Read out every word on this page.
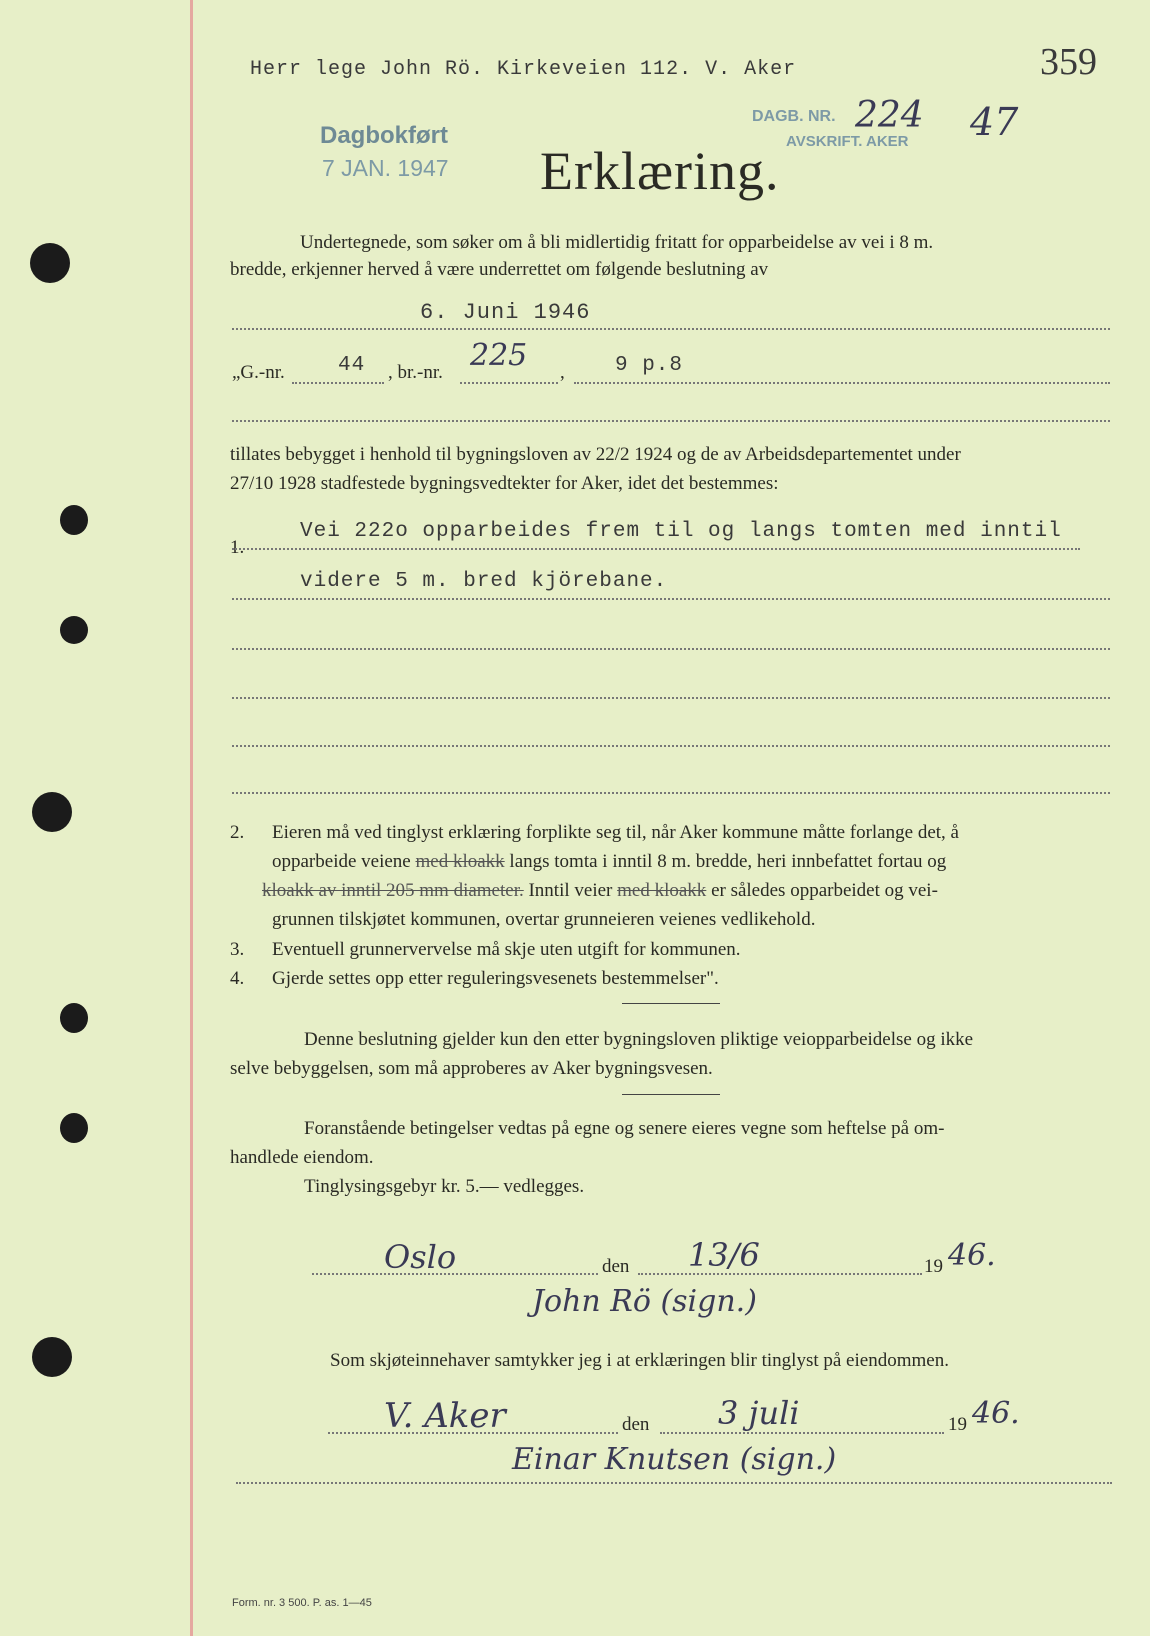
Herr lege John Rö. Kirkeveien 112. V. Aker	359
Dagbokført
7 JAN. 1947
DAGB. NR.
AVSKRIFT. AKER
224 47
Erklæring.
Undertegnede, som søker om å bli midlertidig fritatt for opparbeidelse av vei i 8 m.
bredde, erkjenner herved å være underrettet om følgende beslutning av
6. Juni 1946
„G.-nr.	44 , br.-nr. 225 , 9 p.8
tillates bebygget i henhold til bygningsloven av 22/2 1924 og de av Arbeidsdepartementet under
27/10 1928 stadfestede bygningsvedtekter for Aker, idet det bestemmes:
1.
Vei 222o opparbeides frem til og langs tomten med inntil
videre 5 m. bred kjörebane.
2. Eieren må ved tinglyst erklæring forplikte seg til, når Aker kommune måtte forlange det, å
opparbeide veiene med kloakk langs tomta i inntil 8 m. bredde, heri innbefattet fortau og
kloakk av inntil 205 mm diameter. Inntil veier med kloakk er således opparbeidet og vei-
grunnen tilskjøtet kommunen, overtar grunneieren veienes vedlikehold.
3. Eventuell grunnervervelse må skje uten utgift for kommunen.
4. Gjerde settes opp etter reguleringsvesenets bestemmelser".
Denne beslutning gjelder kun den etter bygningsloven pliktige veiopparbeidelse og ikke
selve bebyggelsen, som må approberes av Aker bygningsvesen.
Foranstående betingelser vedtas på egne og senere eieres vegne som heftelse på om-
handlede eiendom.
Tinglysingsgebyr kr. 5.— vedlegges.
Oslo	den 13/6	19 46.
John Rö (sign.)
Som skjøteinnehaver samtykker jeg i at erklæringen blir tinglyst på eiendommen.
V. Aker	den 3 juli	19 46.
Einar Knutsen (sign.)
Form. nr. 3 500. P. as. 1—45
